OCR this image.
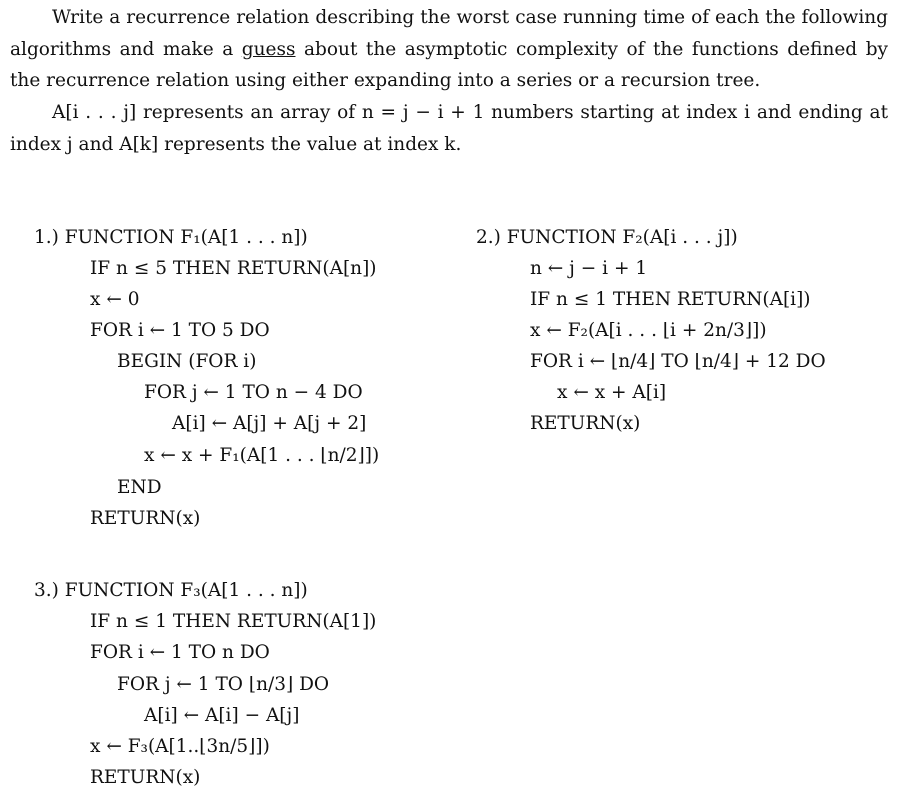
Write a recurrence relation describing the worst case running time of each the following algorithms and make a guess about the asymptotic complexity of the functions defined by the recurrence relation using either expanding into a series or a recursion tree.

A[i . . . j] represents an array of n = j − i + 1 numbers starting at index i and ending at index j and A[k] represents the value at index k.

1.) FUNCTION F₁(A[1 . . . n])
IF n ≤ 5 THEN RETURN(A[n])
x ← 0
FOR i ← 1 TO 5 DO
BEGIN (FOR i)
FOR j ← 1 TO n − 4 DO
A[i] ← A[j] + A[j + 2]
x ← x + F₁(A[1 . . . ⌊n/2⌋])
END
RETURN(x)
2.) FUNCTION F₂(A[i . . . j])
n ← j − i + 1
IF n ≤ 1 THEN RETURN(A[i])
x ← F₂(A[i . . . ⌊i + 2n/3⌋])
FOR i ← ⌊n/4⌋ TO ⌊n/4⌋ + 12 DO
x ← x + A[i]
RETURN(x)
3.) FUNCTION F₃(A[1 . . . n])
IF n ≤ 1 THEN RETURN(A[1])
FOR i ← 1 TO n DO
FOR j ← 1 TO ⌊n/3⌋ DO
A[i] ← A[i] − A[j]
x ← F₃(A[1..⌊3n/5⌋])
RETURN(x)
